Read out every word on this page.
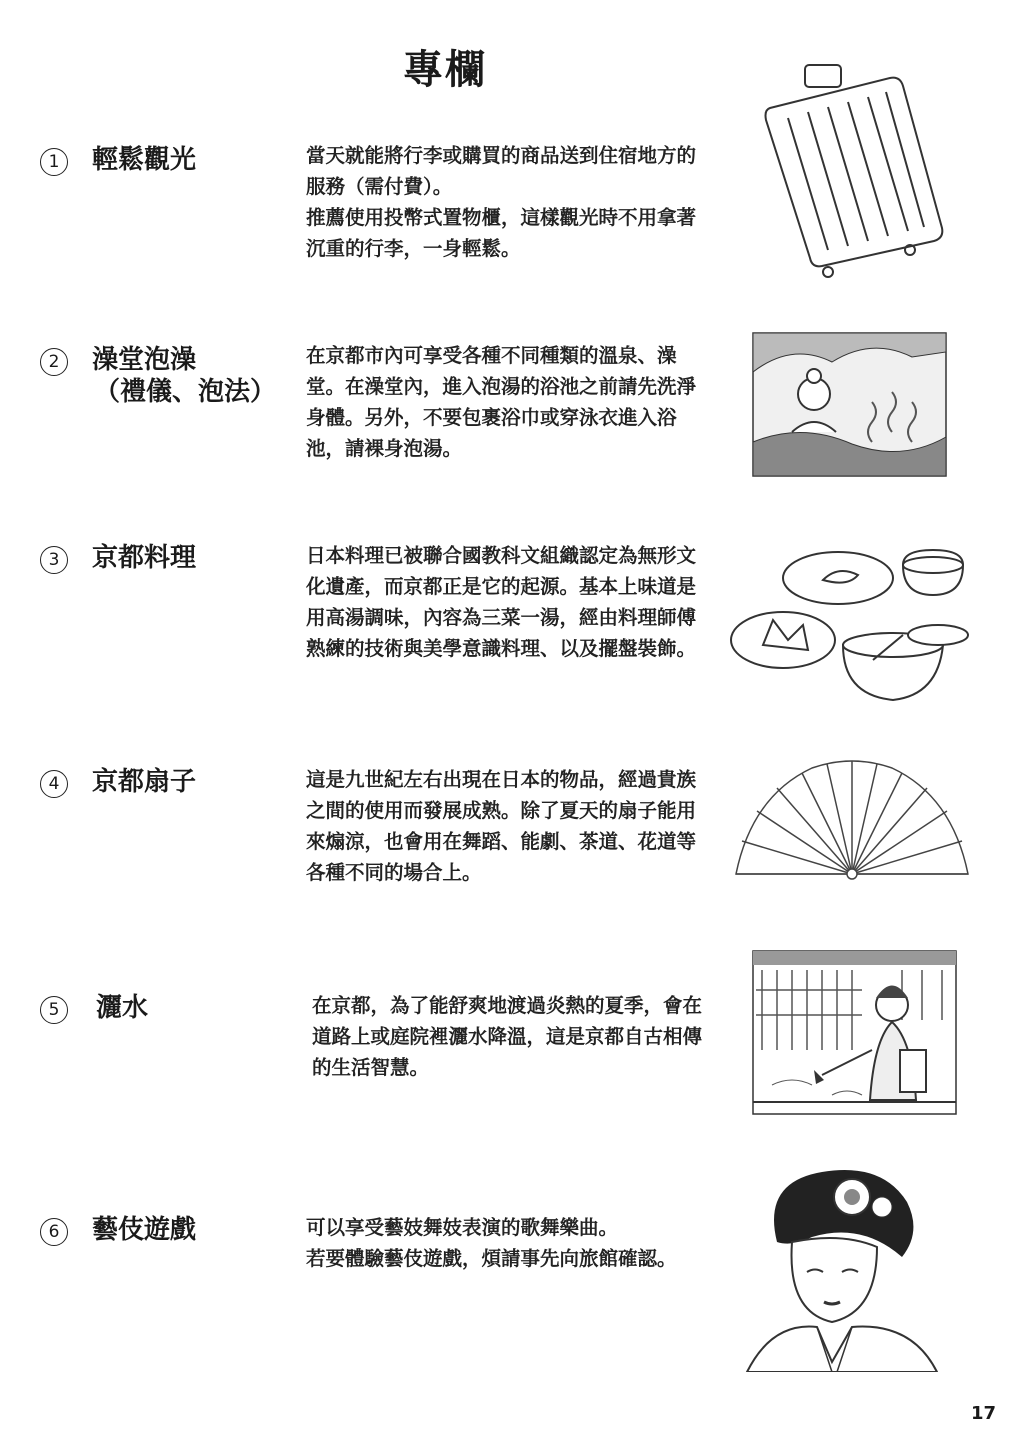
專欄
1	輕鬆觀光	當天就能將行李或購買的商品送到住宿地方的服務（需付費）。
推薦使用投幣式置物櫃，這樣觀光時不用拿著沉重的行李，一身輕鬆。
2	澡堂泡澡
（禮儀、泡法）
在京都市內可享受各種不同種類的溫泉、澡堂。在澡堂內，進入泡湯的浴池之前請先洗淨身體。另外，不要包裹浴巾或穿泳衣進入浴池，請裸身泡湯。
3	京都料理	日本料理已被聯合國教科文組織認定為無形文化遺產，而京都正是它的起源。基本上味道是用高湯調味，內容為三菜一湯，經由料理師傅熟練的技術與美學意識料理、以及擺盤裝飾。
4	京都扇子	這是九世紀左右出現在日本的物品，經過貴族之間的使用而發展成熟。除了夏天的扇子能用來煽涼，也會用在舞蹈、能劇、茶道、花道等各種不同的場合上。
5	灑水	在京都，為了能舒爽地渡過炎熱的夏季，會在道路上或庭院裡灑水降溫，這是京都自古相傳的生活智慧。
6	藝伎遊戲	可以享受藝妓舞妓表演的歌舞樂曲。
若要體驗藝伎遊戲，煩請事先向旅館確認。
17
